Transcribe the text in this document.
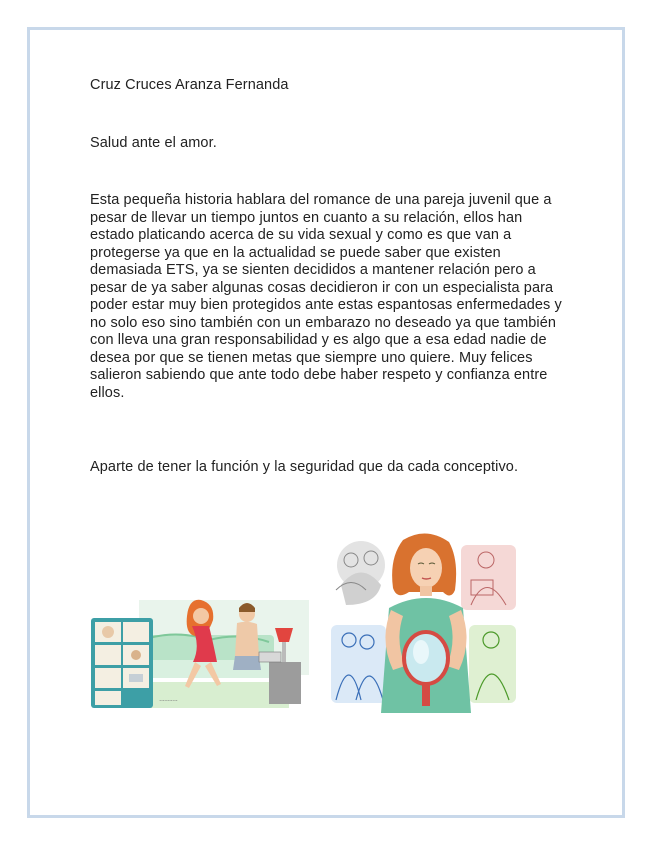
Cruz Cruces Aranza Fernanda

Salud ante el amor.

Esta pequeña historia hablara del romance de una pareja juvenil que a pesar de llevar un tiempo juntos en cuanto a su relación, ellos han estado platicando acerca de su vida sexual y como es que van a protegerse ya que en la actualidad se puede saber que existen demasiada ETS, ya se sienten decididos a mantener relación pero a pesar de ya saber algunas cosas decidieron ir con un especialista para poder estar muy bien protegidos ante estas espantosas enfermedades y no solo eso sino también con un embarazo no deseado ya que también con lleva una gran responsabilidad y es algo que a esa edad nadie de desea por que se tienen metas que siempre uno quiere. Muy felices salieron sabiendo que ante todo debe haber respeto y confianza entre ellos.

Aparte de tener la función y la seguridad que da cada conceptivo.

~~~~~~~
